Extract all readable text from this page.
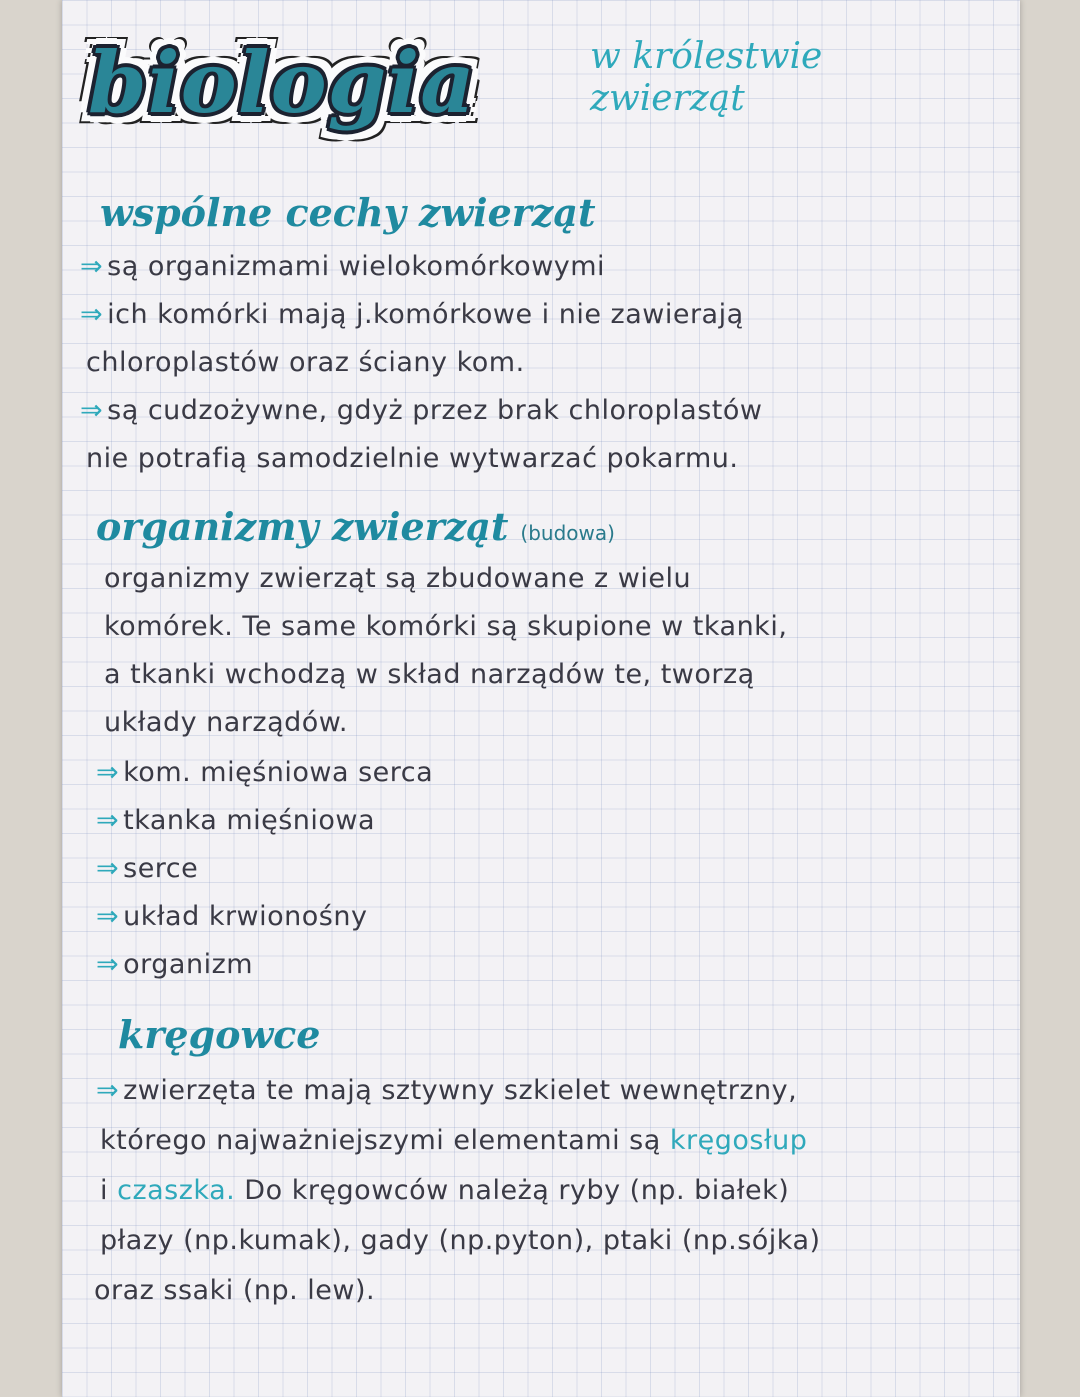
biologia	w królestwie zwierząt
wspólne cechy zwierząt
⇒ są organizmami wielokomórkowymi
⇒ ich komórki mają j.komórkowe i nie zawierają
chloroplastów oraz ściany kom.
⇒ są cudzożywne, gdyż przez brak chloroplastów
nie potrafią samodzielnie wytwarzać pokarmu.
organizmy zwierząt (budowa)
organizmy zwierząt są zbudowane z wielu
komórek. Te same komórki są skupione w tkanki,
a tkanki wchodzą w skład narządów te, tworzą
układy narządów.
⇒ kom. mięśniowa serca
⇒ tkanka mięśniowa
⇒ serce
⇒ układ krwionośny
⇒ organizm
kręgowce
⇒ zwierzęta te mają sztywny szkielet wewnętrzny,
którego najważniejszymi elementami są kręgosłup
i czaszka. Do kręgowców należą ryby (np. białek)
płazy (np.kumak), gady (np.pyton), ptaki (np.sójka)
oraz ssaki (np. lew).
